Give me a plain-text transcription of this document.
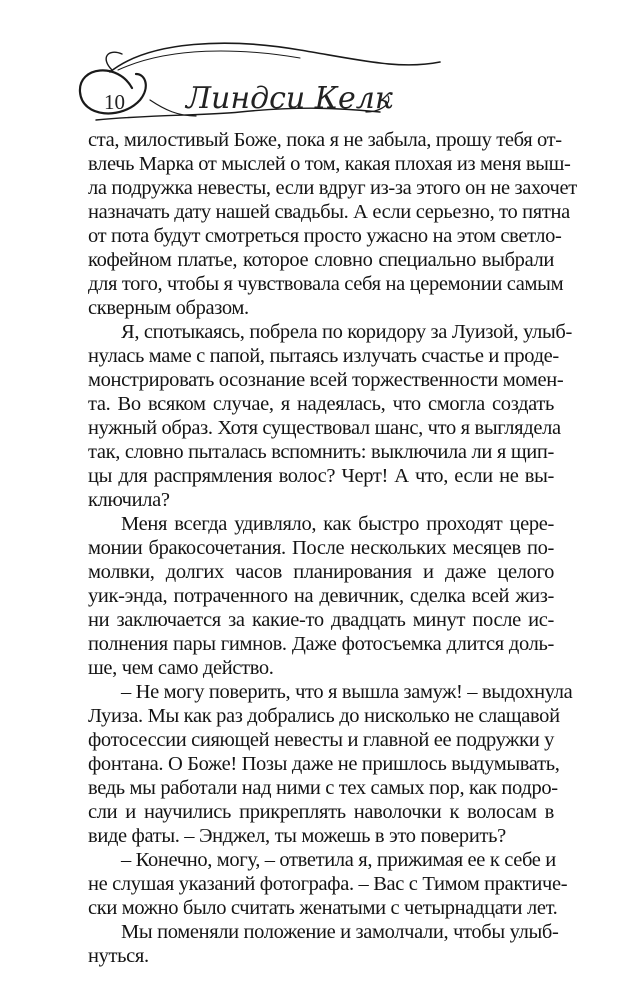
10 Линдси Келк
ста, милостивый Боже, пока я не забыла, прошу тебя от-
влечь Марка от мыслей о том, какая плохая из меня выш-
ла подружка невесты, если вдруг из-за этого он не захочет
назначать дату нашей свадьбы. А если серьезно, то пятна
от пота будут смотреться просто ужасно на этом светло-
кофейном платье, которое словно специально выбрали
для того, чтобы я чувствовала себя на церемонии самым
скверным образом.
Я, спотыкаясь, побрела по коридору за Луизой, улыб-
нулась маме с папой, пытаясь излучать счастье и проде-
монстрировать осознание всей торжественности момен-
та. Во всяком случае, я надеялась, что смогла создать
нужный образ. Хотя существовал шанс, что я выглядела
так, словно пыталась вспомнить: выключила ли я щип-
цы для распрямления волос? Черт! А что, если не вы-
ключила?
Меня всегда удивляло, как быстро проходят цере-
монии бракосочетания. После нескольких месяцев по-
молвки, долгих часов планирования и даже целого
уик-энда, потраченного на девичник, сделка всей жиз-
ни заключается за какие-то двадцать минут после ис-
полнения пары гимнов. Даже фотосъемка длится доль-
ше, чем само действо.
– Не могу поверить, что я вышла замуж! – выдохнула
Луиза. Мы как раз добрались до нисколько не слащавой
фотосессии сияющей невесты и главной ее подружки у
фонтана. О Боже! Позы даже не пришлось выдумывать,
ведь мы работали над ними с тех самых пор, как подро-
сли и научились прикреплять наволочки к волосам в
виде фаты. – Энджел, ты можешь в это поверить?
– Конечно, могу, – ответила я, прижимая ее к себе и
не слушая указаний фотографа. – Вас с Тимом практиче-
ски можно было считать женатыми с четырнадцати лет.
Мы поменяли положение и замолчали, чтобы улыб-
нуться.
